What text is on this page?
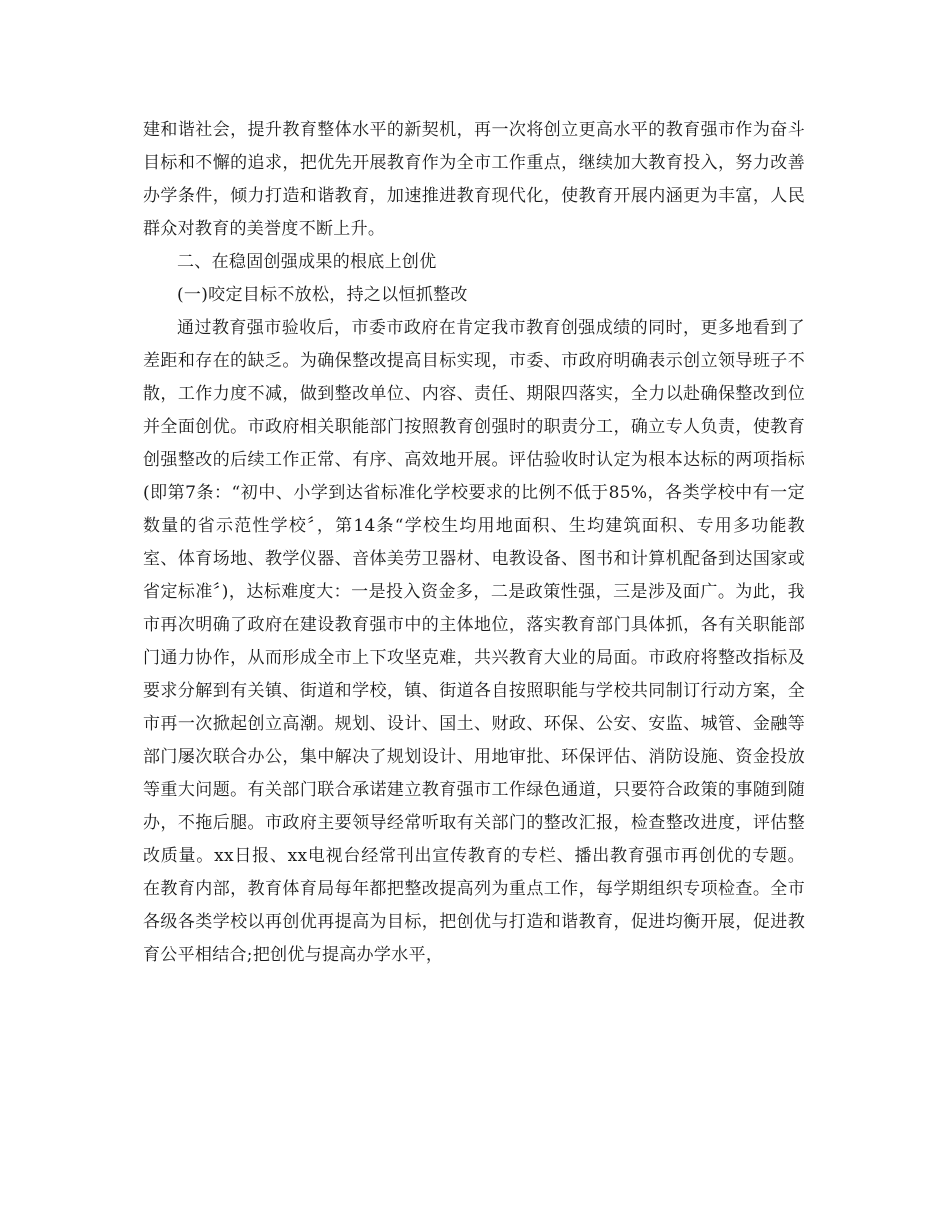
建和谐社会，提升教育整体水平的新契机，再一次将创立更高水平的教育强市作为奋斗目标和不懈的追求，把优先开展教育作为全市工作重点，继续加大教育投入，努力改善办学条件，倾力打造和谐教育，加速推进教育现代化，使教育开展内涵更为丰富，人民群众对教育的美誉度不断上升。

二、在稳固创强成果的根底上创优

(一)咬定目标不放松，持之以恒抓整改

通过教育强市验收后，市委市政府在肯定我市教育创强成绩的同时，更多地看到了差距和存在的缺乏。为确保整改提高目标实现，市委、市政府明确表示创立领导班子不散，工作力度不减，做到整改单位、内容、责任、期限四落实，全力以赴确保整改到位并全面创优。市政府相关职能部门按照教育创强时的职责分工，确立专人负责，使教育创强整改的后续工作正常、有序、高效地开展。评估验收时认定为根本达标的两项指标(即第7条：“初中、小学到达省标准化学校要求的比例不低于85%，各类学校中有一定数量的省示范性学校〞，第14条“学校生均用地面积、生均建筑面积、专用多功能教室、体育场地、教学仪器、音体美劳卫器材、电教设备、图书和计算机配备到达国家或省定标准〞)，达标难度大：一是投入资金多，二是政策性强，三是涉及面广。为此，我市再次明确了政府在建设教育强市中的主体地位，落实教育部门具体抓，各有关职能部门通力协作，从而形成全市上下攻坚克难，共兴教育大业的局面。市政府将整改指标及要求分解到有关镇、街道和学校，镇、街道各自按照职能与学校共同制订行动方案，全市再一次掀起创立高潮。规划、设计、国土、财政、环保、公安、安监、城管、金融等部门屡次联合办公，集中解决了规划设计、用地审批、环保评估、消防设施、资金投放等重大问题。有关部门联合承诺建立教育强市工作绿色通道，只要符合政策的事随到随办，不拖后腿。市政府主要领导经常听取有关部门的整改汇报，检查整改进度，评估整改质量。xx日报、xx电视台经常刊出宣传教育的专栏、播出教育强市再创优的专题。在教育内部，教育体育局每年都把整改提高列为重点工作，每学期组织专项检查。全市各级各类学校以再创优再提高为目标，把创优与打造和谐教育，促进均衡开展，促进教育公平相结合;把创优与提高办学水平，
